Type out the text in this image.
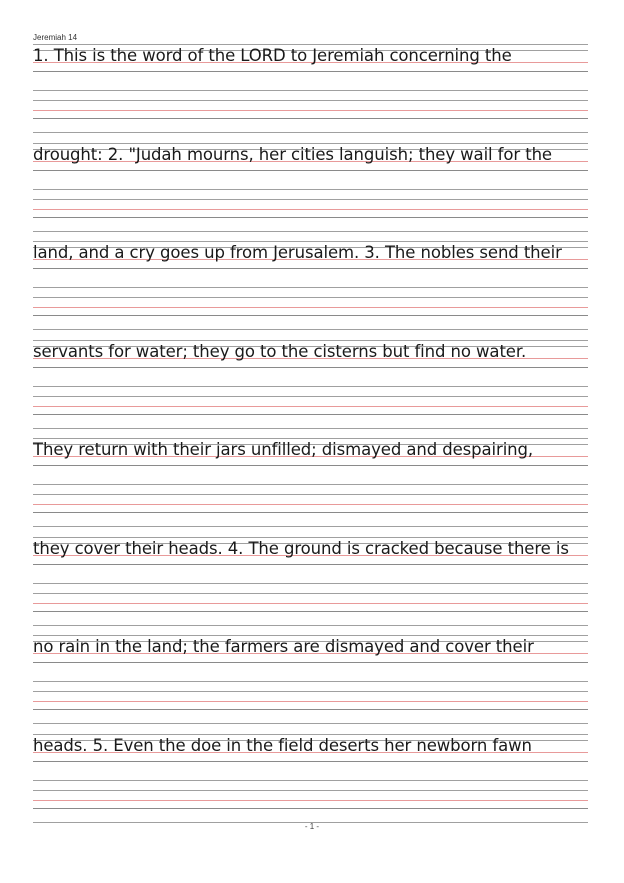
Jeremiah 14
1. This is the word of the LORD to Jeremiah concerning the
drought: 2. "Judah mourns, her cities languish; they wail for the
land, and a cry goes up from Jerusalem. 3. The nobles send their
servants for water; they go to the cisterns but find no water.
They return with their jars unfilled; dismayed and despairing,
they cover their heads. 4. The ground is cracked because there is
no rain in the land; the farmers are dismayed and cover their
heads. 5. Even the doe in the field deserts her newborn fawn
- 1 -
